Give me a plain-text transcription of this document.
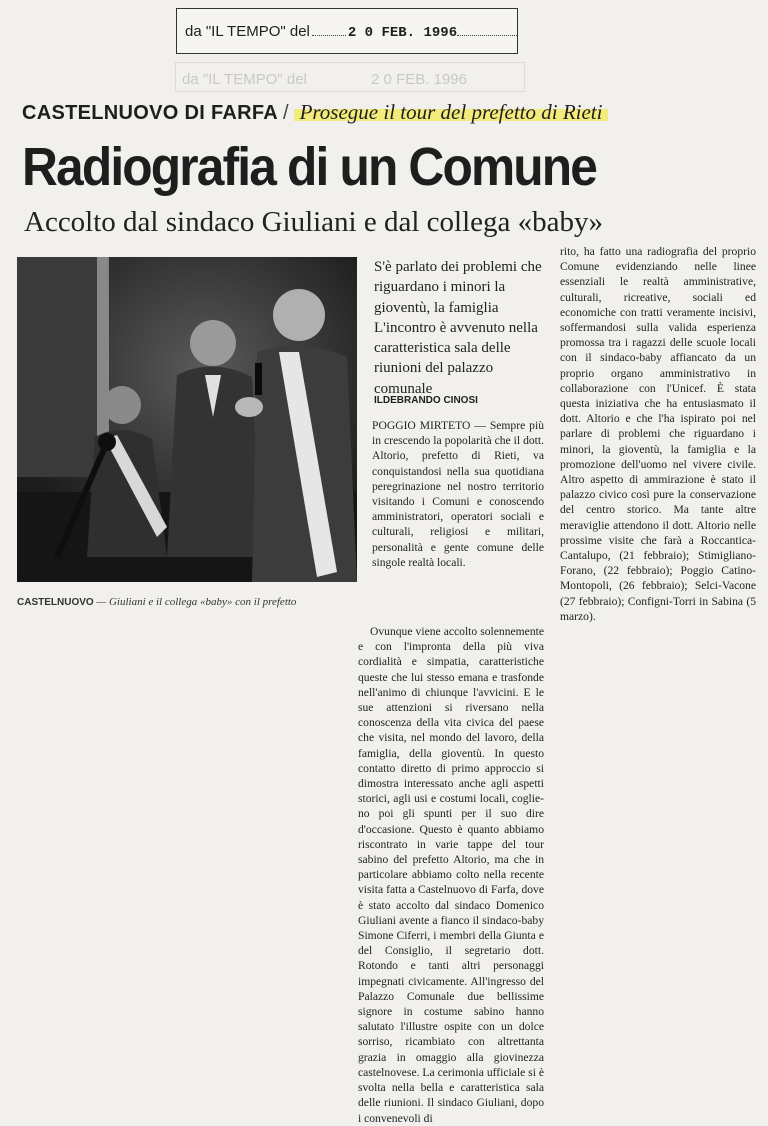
da "IL TEMPO" del	2 0 FEB. 1996
da "IL TEMPO" del	2 0 FEB. 1996
CASTELNUOVO DI FARFA / Prosegue il tour del prefetto di Rieti
Radiografia di un Comune
Accolto dal sindaco Giuliani e dal collega «baby»
CASTELNUOVO — Giuliani e il collega «baby» con il prefetto
S'è parlato dei problemi che riguardano i minori la gioventù, la famiglia L'incontro è avvenuto nella caratteristica sala delle riunioni del palazzo comunale
ILDEBRANDO CINOSI

POGGIO MIRTETO — Sempre più in crescendo la popolarità che il dott. Altorio, prefetto di Rieti, va conquistandosi nella sua quotidiana peregrinazione nel nostro territorio visitando i Comuni e conoscendo amministratori, operatori sociali e culturali, religiosi e militari, personalità e gente comune delle singole realtà locali.

Ovunque viene accolto solennemente e con l'impronta della più viva cordialità e simpatia, caratteristiche queste che lui stesso emana e trasfonde nell'animo di chiunque l'avvicini. E le sue attenzioni si riversano nella conoscenza della vita civica del paese che visita, nel mondo del lavoro, della famiglia, della gioventù. In questo contatto diretto di primo approccio si dimostra interessato anche agli aspetti storici, agli usi e costumi locali, coglie-no poi gli spunti per il suo dire d'occasione. Questo è quanto abbiamo riscontrato in varie tappe del tour sabino del prefetto Altorio, ma che in particolare abbiamo colto nella recente visita fatta a Castelnuovo di Farfa, dove è stato accolto dal sindaco Domenico Giuliani avente a fianco il sindaco-baby Simone Ciferri, i membri della Giunta e del Consiglio, il segretario dott. Rotondo e tanti altri personaggi impegnati civicamente. All'ingresso del Palazzo Comunale due bellissime signore in costume sabino hanno salutato l'illustre ospite con un dolce sorriso, ricambiato con altrettanta grazia in omaggio alla giovinezza castelnovese. La cerimonia ufficiale si è svolta nella bella e caratteristica sala delle riunioni. Il sindaco Giuliani, dopo i convenevoli di

rito, ha fatto una radiografia del proprio Comune evidenziando nelle linee essenziali le realtà amministrative, culturali, ricreative, sociali ed economiche con tratti veramente incisivi, soffermandosi sulla valida esperienza promossa tra i ragazzi delle scuole locali con il sindaco-baby affiancato da un proprio organo amministrativo in collaborazione con l'Unicef. È stata questa iniziativa che ha entusiasmato il dott. Altorio e che l'ha ispirato poi nel parlare di problemi che riguardano i minori, la gioventù, la famiglia e la promozione dell'uomo nel vivere civile. Altro aspetto di ammirazione è stato il palazzo civico così pure la conservazione del centro storico. Ma tante altre meraviglie attendono il dott. Altorio nelle prossime visite che farà a Roccantica-Cantalupo, (21 febbraio); Stimigliano-Forano, (22 febbraio); Poggio Catino-Montopoli, (26 febbraio); Selci-Vacone (27 febbraio); Configni-Torri in Sabina (5 marzo).
